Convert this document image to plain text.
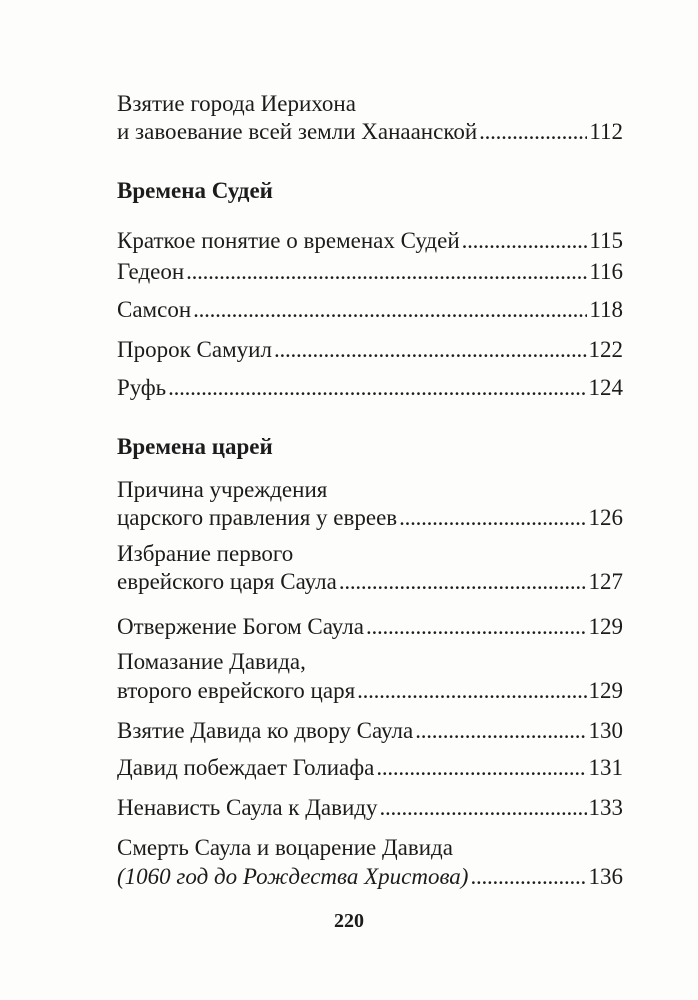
Взятие города Иерихона
и завоевание всей земли Ханаанской . . .	112
Времена Судей
Краткое понятие о временах Судей . . .	115
Гедеон . . .	116
Самсон . . .	118
Пророк Самуил . . .	122
Руфь . . .	124
Времена царей
Причина учреждения
царского правления у евреев . . .	126
Избрание первого
еврейского царя Саула . . .	127
Отвержение Богом Саула . . .	129
Помазание Давида,
второго еврейского царя . . .	129
Взятие Давида ко двору Саула . . .	130
Давид побеждает Голиафа . . .	131
Ненависть Саула к Давиду . . .	133
Смерть Саула и воцарение Давида
(1060 год до Рождества Христова) . . .	136
220
